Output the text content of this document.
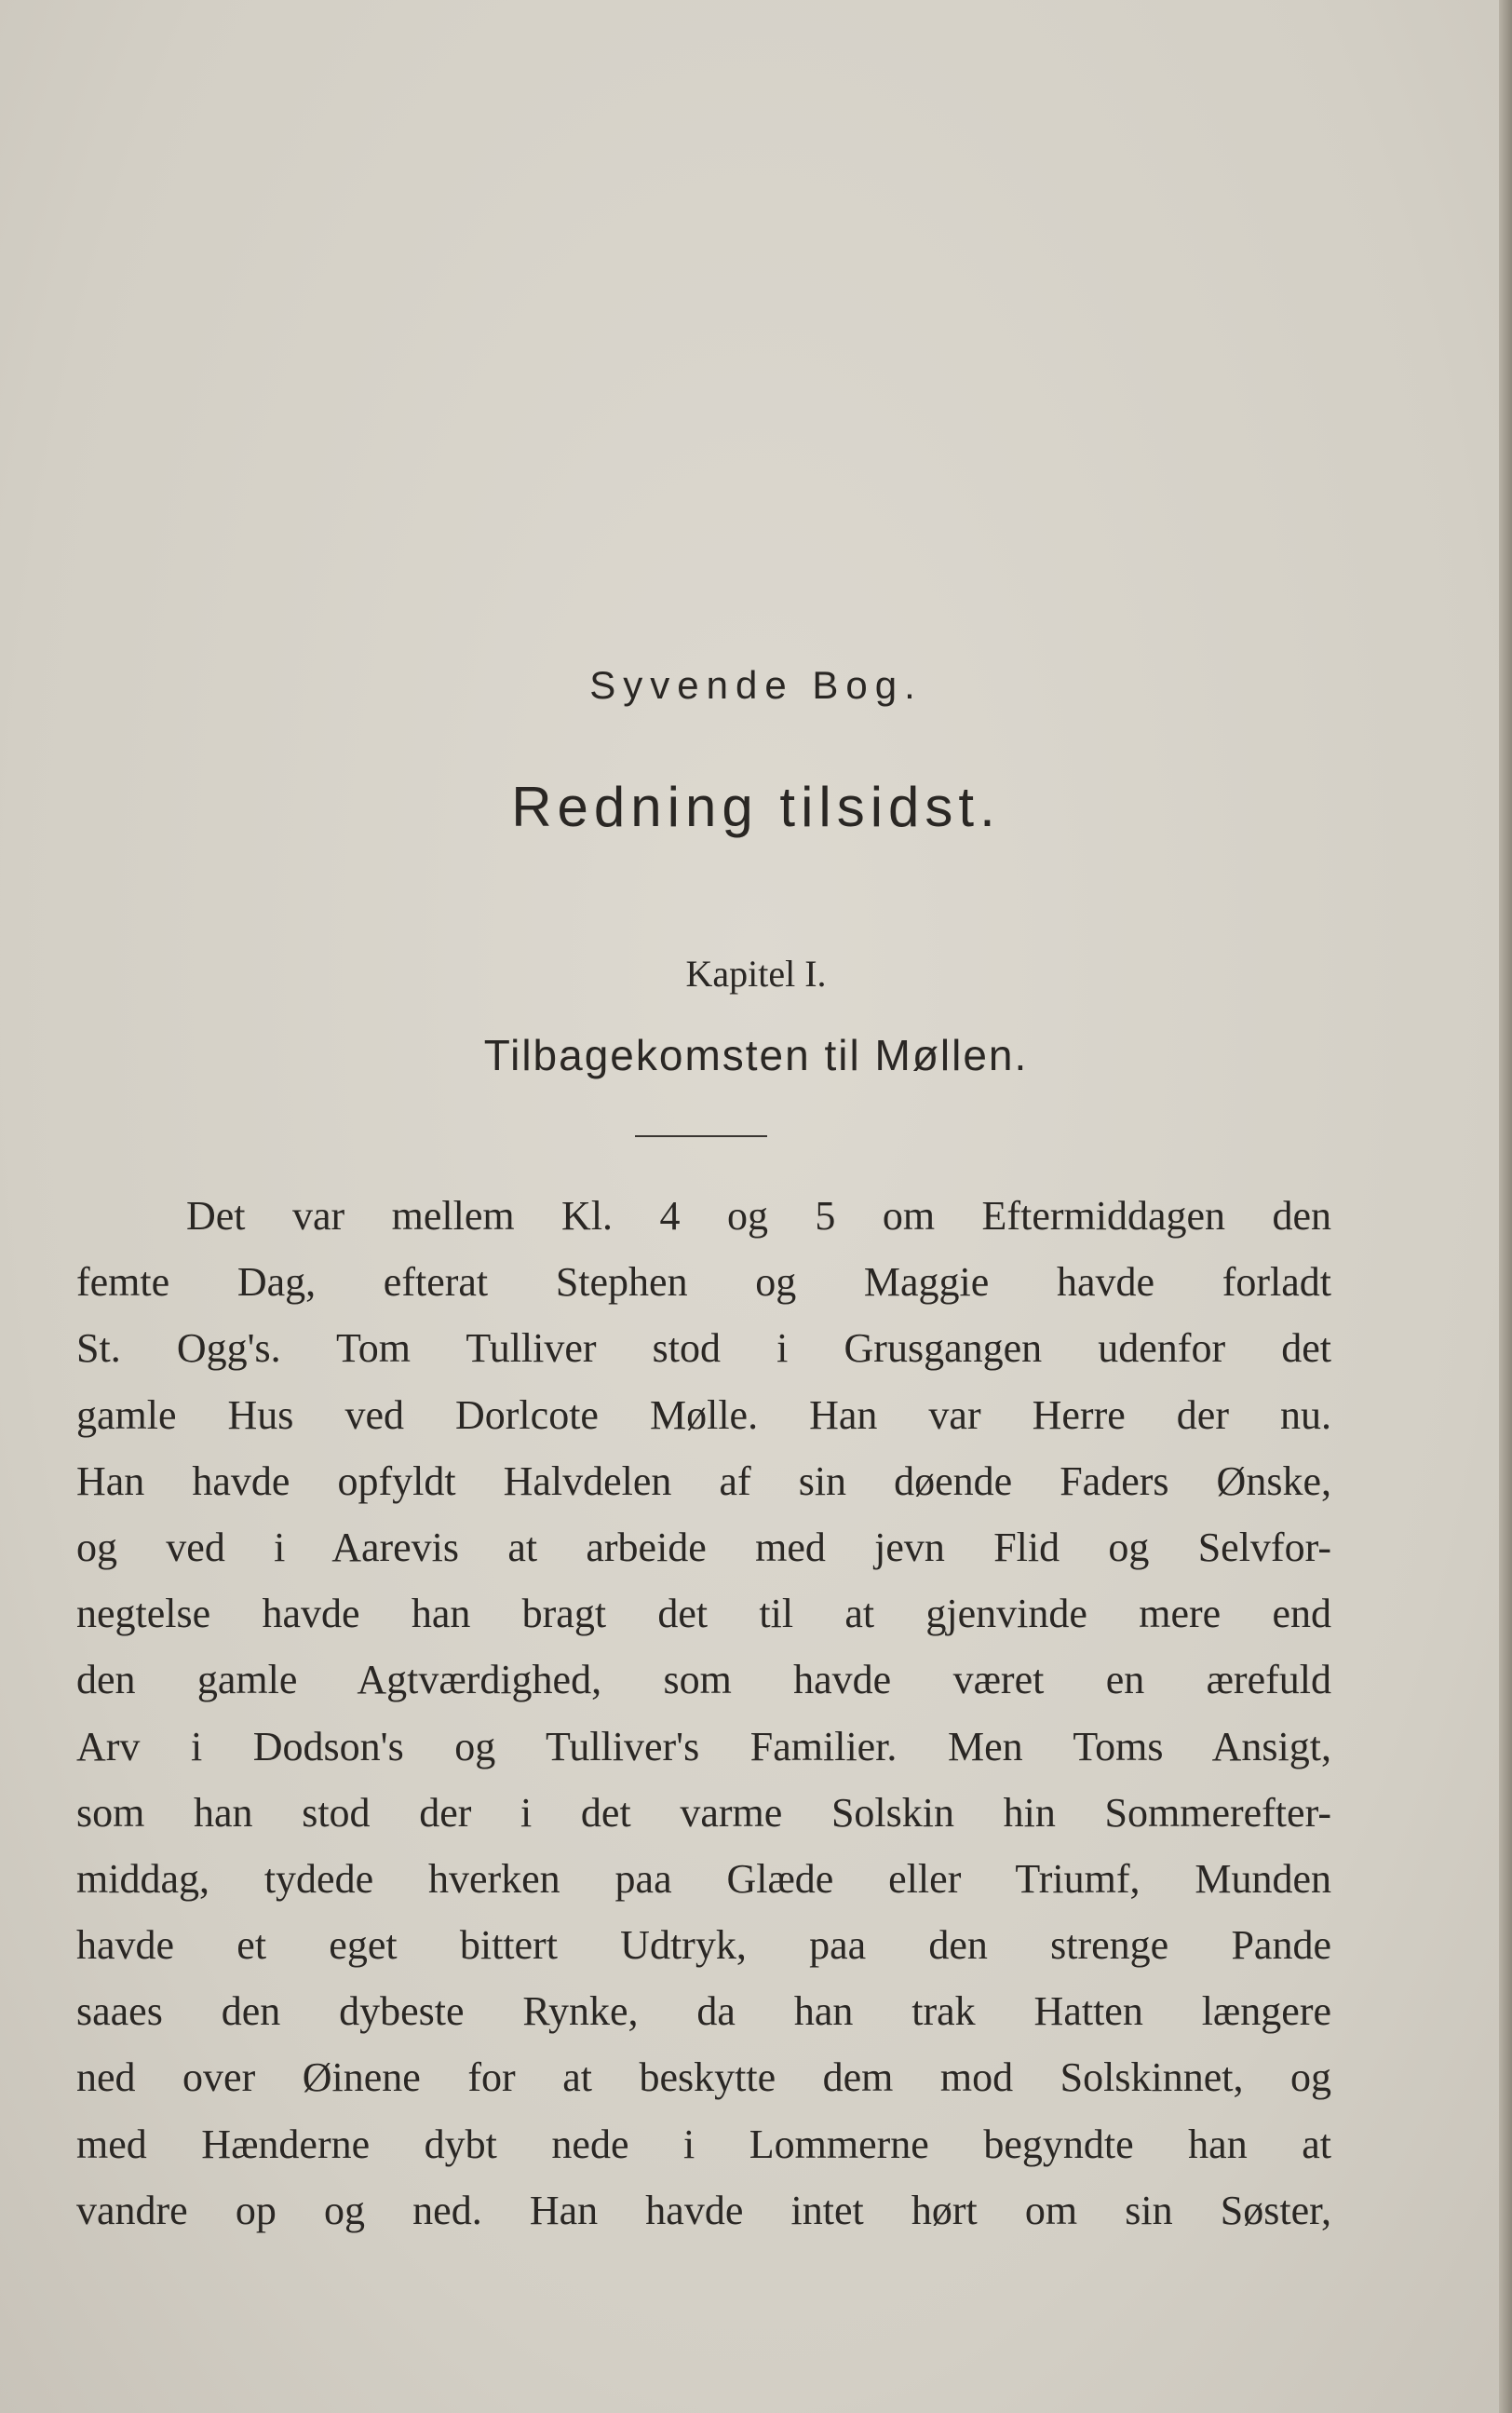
Syvende Bog.
Redning tilsidst.
Kapitel I.
Tilbagekomsten til Møllen.
Det var mellem Kl. 4 og 5 om Eftermiddagen den
femte Dag, efterat Stephen og Maggie havde forladt
St. Ogg's. Tom Tulliver stod i Grusgangen udenfor det
gamle Hus ved Dorlcote Mølle. Han var Herre der nu.
Han havde opfyldt Halvdelen af sin døende Faders Ønske,
og ved i Aarevis at arbeide med jevn Flid og Selvfor-
negtelse havde han bragt det til at gjenvinde mere end
den gamle Agtværdighed, som havde været en ærefuld
Arv i Dodson's og Tulliver's Familier. Men Toms Ansigt,
som han stod der i det varme Solskin hin Sommerefter-
middag, tydede hverken paa Glæde eller Triumf, Munden
havde et eget bittert Udtryk, paa den strenge Pande
saaes den dybeste Rynke, da han trak Hatten længere
ned over Øinene for at beskytte dem mod Solskinnet, og
med Hænderne dybt nede i Lommerne begyndte han at
vandre op og ned. Han havde intet hørt om sin Søster,
